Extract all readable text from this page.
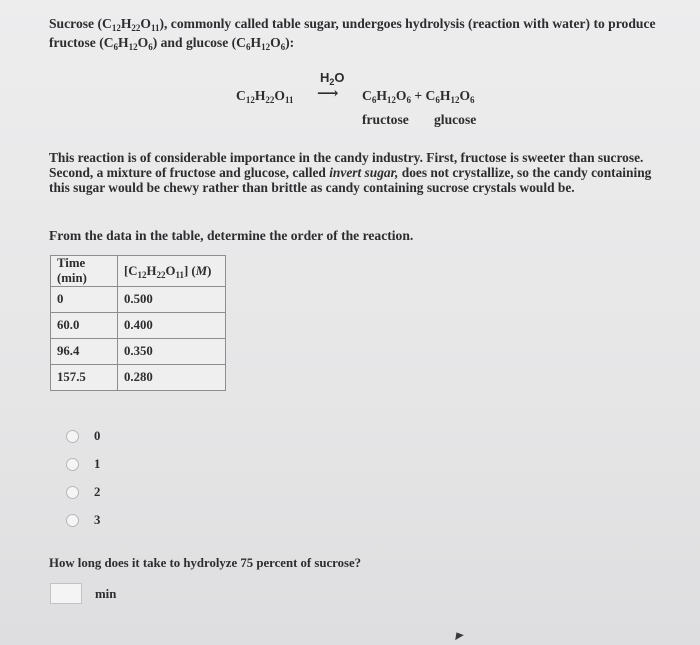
Sucrose $(C_{12}H_{22}O_{11})$, commonly called table sugar, undergoes hydrolysis (reaction with water) to produce fructose $(C_6H_{12}O_6)$ and glucose $(C_6H_{12}O_6)$:
$H_2O$
$C_{12}H_{22}O_{11}$ ⟶ $C_6H_{12}O_6 + C_6H_{12}O_6$
fructose glucose
This reaction is of considerable importance in the candy industry. First, fructose is sweeter than sucrose. Second, a mixture of fructose and glucose, called invert sugar, does not crystallize, so the candy containing this sugar would be chewy rather than brittle as candy containing sucrose crystals would be.
From the data in the table, determine the order of the reaction.
Time (min)	$[C_{12}H_{22}O_{11}]$ (M)
0	0.500
60.0	0.400
96.4	0.350
157.5	0.280
0
1
2
3
How long does it take to hydrolyze 75 percent of sucrose?
min
